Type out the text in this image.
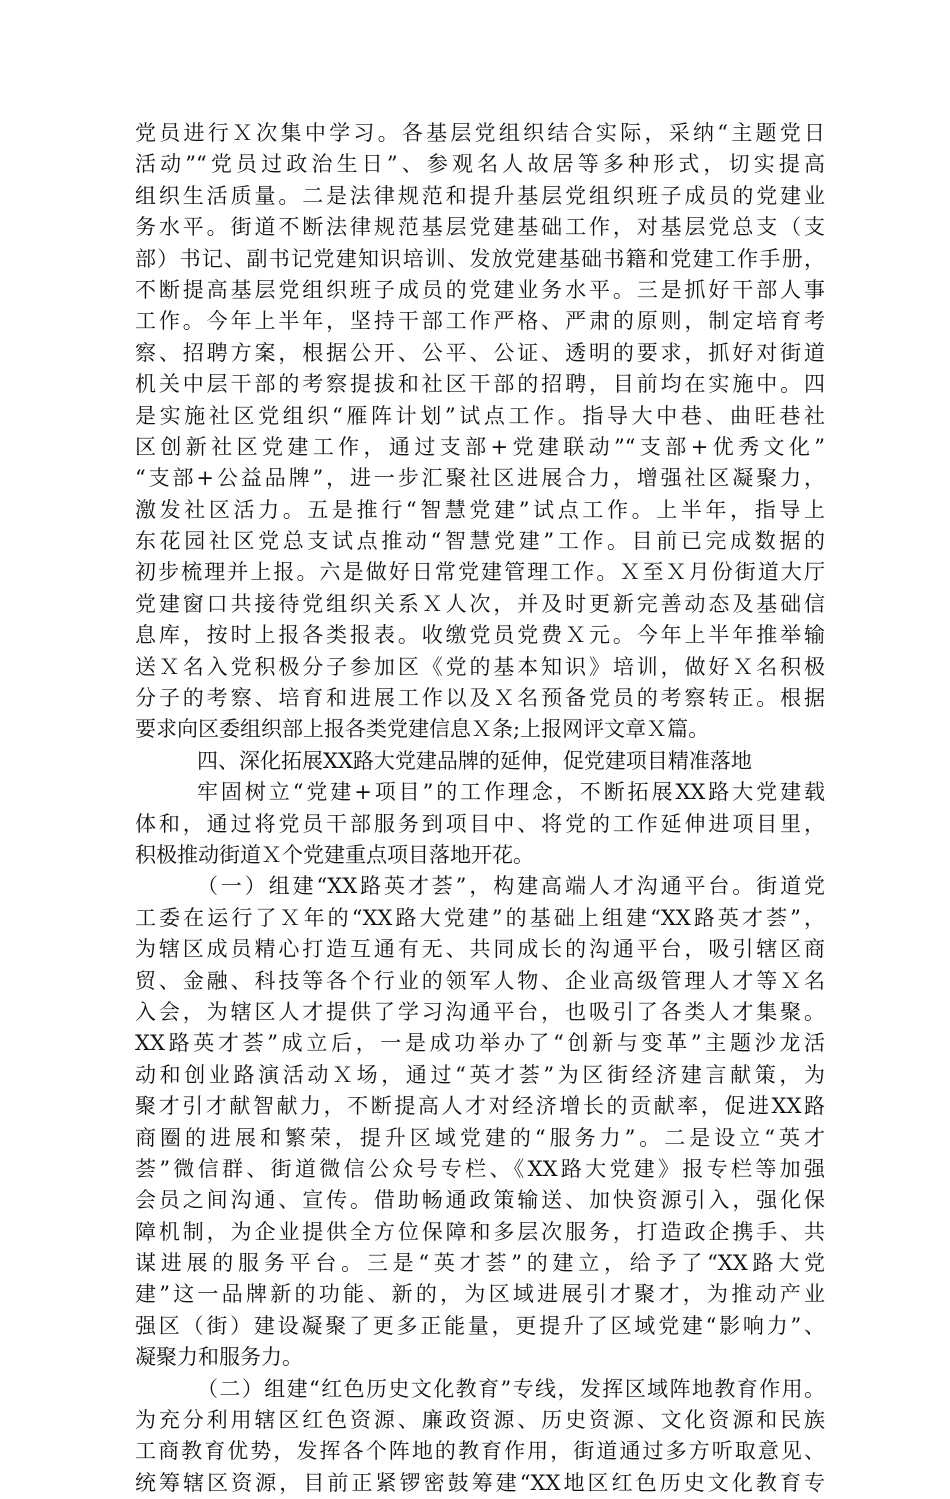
党员进行Ｘ次集中学习。各基层党组织结合实际，采纳“主题党日
活动”“党员过政治生日”、参观名人故居等多种形式，切实提高
组织生活质量。二是法律规范和提升基层党组织班子成员的党建业
务水平。街道不断法律规范基层党建基础工作，对基层党总支（支
部）书记、副书记党建知识培训、发放党建基础书籍和党建工作手册，
不断提高基层党组织班子成员的党建业务水平。三是抓好干部人事
工作。今年上半年，坚持干部工作严格、严肃的原则，制定培育考
察、招聘方案，根据公开、公平、公证、透明的要求，抓好对街道
机关中层干部的考察提拔和社区干部的招聘，目前均在实施中。四
是实施社区党组织“雁阵计划”试点工作。指导大中巷、曲旺巷社
区创新社区党建工作，通过支部+党建联动”“支部+优秀文化”
“支部+公益品牌”，进一步汇聚社区进展合力，增强社区凝聚力，
激发社区活力。五是推行“智慧党建”试点工作。上半年，指导上
东花园社区党总支试点推动“智慧党建”工作。目前已完成数据的
初步梳理并上报。六是做好日常党建管理工作。Ｘ至Ｘ月份街道大厅
党建窗口共接待党组织关系Ｘ人次，并及时更新完善动态及基础信
息库，按时上报各类报表。收缴党员党费Ｘ元。今年上半年推举输
送Ｘ名入党积极分子参加区《党的基本知识》培训，做好Ｘ名积极
分子的考察、培育和进展工作以及Ｘ名预备党员的考察转正。根据
要求向区委组织部上报各类党建信息Ｘ条;上报网评文章Ｘ篇。
四、深化拓展XX路大党建品牌的延伸，促党建项目精准落地
牢固树立“党建+项目”的工作理念，不断拓展XX路大党建载
体和，通过将党员干部服务到项目中、将党的工作延伸进项目里，
积极推动街道Ｘ个党建重点项目落地开花。
（一）组建“XX路英才荟”，构建高端人才沟通平台。街道党
工委在运行了Ｘ年的“XX路大党建”的基础上组建“XX路英才荟”，
为辖区成员精心打造互通有无、共同成长的沟通平台，吸引辖区商
贸、金融、科技等各个行业的领军人物、企业高级管理人才等Ｘ名
入会，为辖区人才提供了学习沟通平台，也吸引了各类人才集聚。
XX路英才荟”成立后，一是成功举办了“创新与变革”主题沙龙活
动和创业路演活动Ｘ场，通过“英才荟”为区街经济建言献策，为
聚才引才献智献力，不断提高人才对经济增长的贡献率，促进XX路
商圈的进展和繁荣，提升区域党建的“服务力”。二是设立“英才
荟”微信群、街道微信公众号专栏、《XX路大党建》报专栏等加强
会员之间沟通、宣传。借助畅通政策输送、加快资源引入，强化保
障机制，为企业提供全方位保障和多层次服务，打造政企携手、共
谋进展的服务平台。三是“英才荟”的建立，给予了“XX路大党
建”这一品牌新的功能、新的，为区域进展引才聚才，为推动产业
强区（街）建设凝聚了更多正能量，更提升了区域党建“影响力”、
凝聚力和服务力。
（二）组建“红色历史文化教育”专线，发挥区域阵地教育作用。
为充分利用辖区红色资源、廉政资源、历史资源、文化资源和民族
工商教育优势，发挥各个阵地的教育作用，街道通过多方听取意见、
统筹辖区资源，目前正紧锣密鼓筹建“XX地区红色历史文化教育专
